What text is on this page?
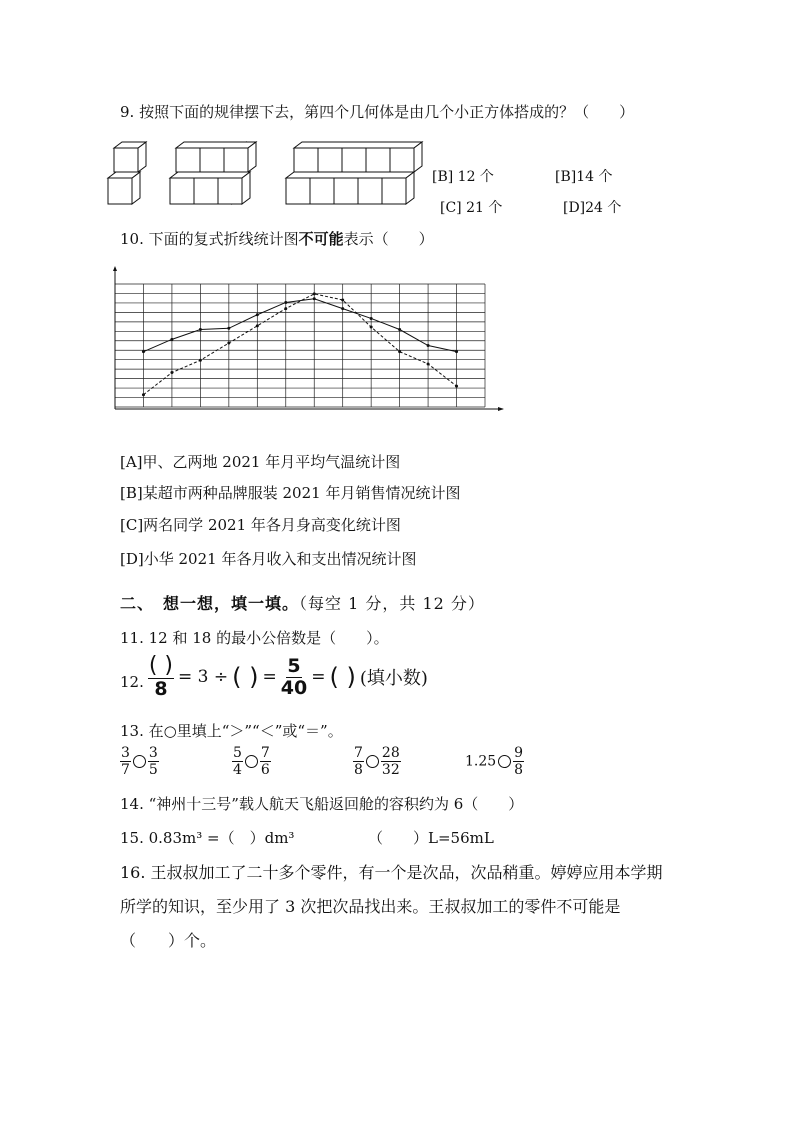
9. 按照下面的规律摆下去，第四个几何体是由几个小正方体搭成的？（　　）
[B] 12 个	[B]14 个
[C] 21 个	[D]24 个
10. 下面的复式折线统计图不可能表示（　　）
[A]甲、乙两地 2021 年月平均气温统计图
[B]某超市两种品牌服装 2021 年月销售情况统计图
[C]两名同学 2021 年各月身高变化统计图
[D]小华 2021 年各月收入和支出情况统计图
二、　想一想，填一填。（每空 1 分，共 12 分）
11. 12 和 18 的最小公倍数是（　　）。
12. $\frac{( )}{8} = 3$ ÷ ( ) = $\frac{5}{40}$ = ( ) (填小数)
13. 在○里填上“＞”“＜”或“＝”。
$\frac{3}{7} \frac{3}{5}$	$\frac{5}{4} \frac{7}{6}$	$\frac{7}{8} \frac{28}{32}$	$1.25 \frac{9}{8}$
14. “神州十三号”载人航天飞船返回舱的容积约为 6（　　）
15. 0.83m³ =（　）dm³	（　　）L=56mL
16. 王叔叔加工了二十多个零件，有一个是次品，次品稍重。婷婷应用本学期
所学的知识，至少用了 3 次把次品找出来。王叔叔加工的零件不可能是
（　　）个。
